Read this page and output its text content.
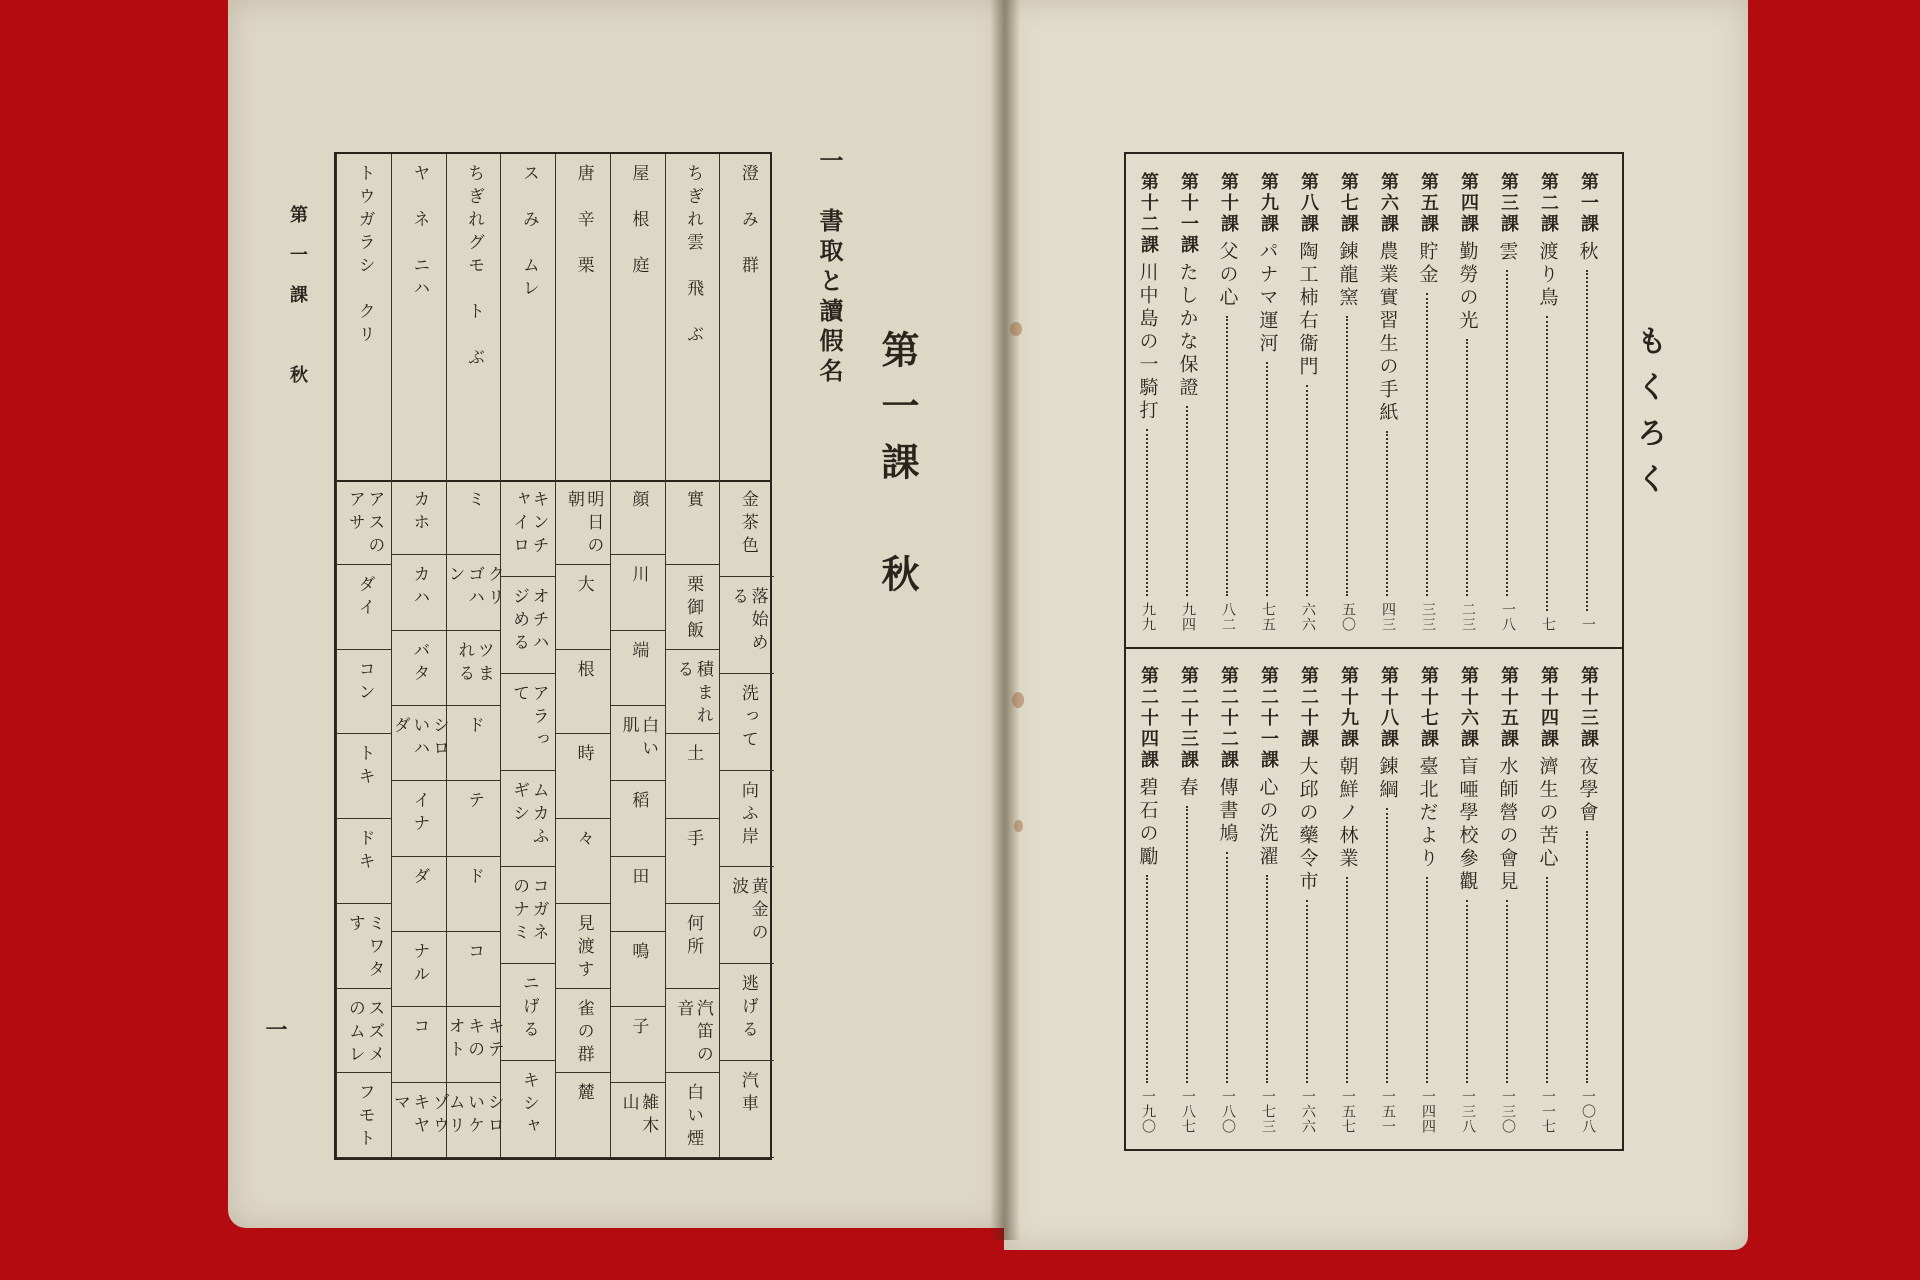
第一課　秋
一
第一課　秋
一　書取と讀假名
澄　み　群
金茶色
落始める
洗って
向ふ岸
黄金の波
逃げる
汽車
ちぎれ雲　飛　ぶ
實
栗御飯
積まれる
土
手
何所
汽笛の音
白い煙
屋　根　庭
顔
川
端
白い肌
稻
田
鳴
子
雑木山
唐　辛　栗
明日の朝
大
根
時
々
見渡す
雀の群
麓
ス　み　ムレ
キンチャイロ
オチハジめる
アラって
ムカふギシ
コガネのナミ
ニげる
キシャ
ちぎれグモ　ト　ぶ
ミ
クリゴハン
ツまれる
ド
テ
ド
コ
キテキのオト
シロいケムリ
ヤ　ネ　ニハ
カホ
カハ
バタ
シロいハダ
イナ
ダ
ナル
コ
ゾウキヤマ
トウガラシ　クリ
アスのアサ
ダイ
コン
トキ
ドキ
ミワタす
スズメのムレ
フモト
もくろく
第一課
秋
一
第二課
渡り鳥
七
第三課
雲
一八
第四課
勤勞の光
二三
第五課
貯金
三三
第六課
農業實習生の手紙
四三
第七課
錬龍窯
五〇
第八課
陶工柿右衞門
六六
第九課
パナマ運河
七五
第十課
父の心
八二
第十一課
たしかな保證
九四
第十二課
川中島の一騎打
九九
第十三課
夜學會
一〇八
第十四課
濟生の苦心
一一七
第十五課
水師營の會見
一三〇
第十六課
盲唖學校參觀
一三八
第十七課
臺北だより
一四四
第十八課
錬綱
一五一
第十九課
朝鮮ノ林業
一五七
第二十課
大邱の藥令市
一六六
第二十一課
心の洗濯
一七三
第二十二課
傳書鳩
一八〇
第二十三課
春
一八七
第二十四課
碧石の勵
一九〇
